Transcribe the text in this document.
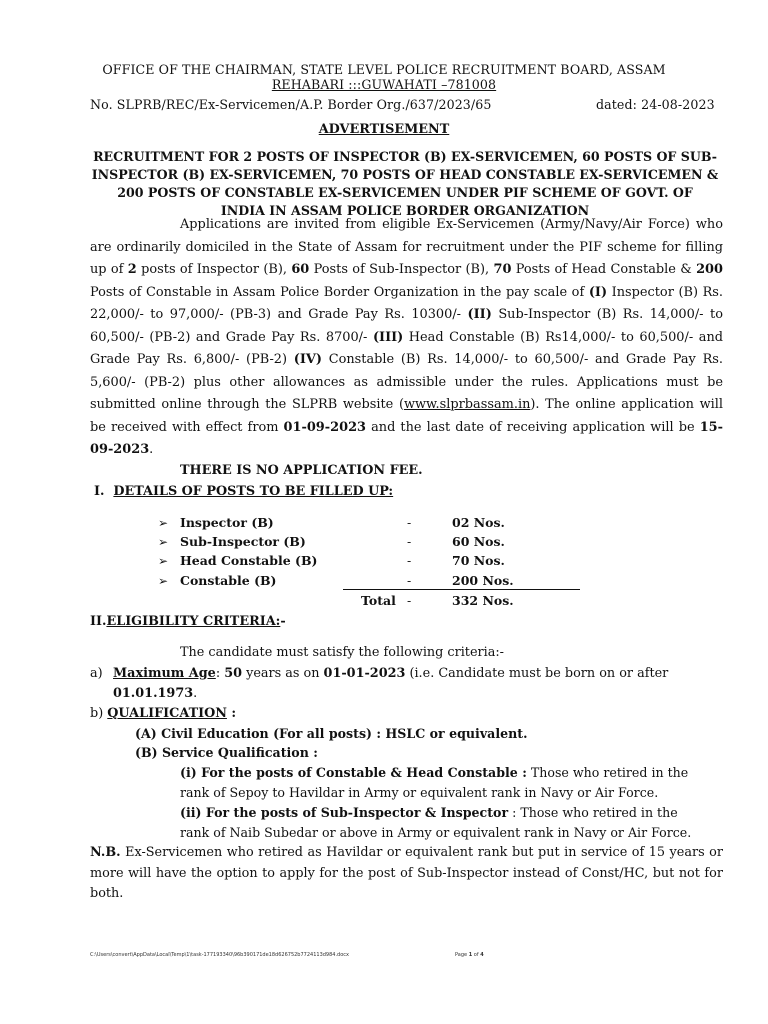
OFFICE OF THE CHAIRMAN, STATE LEVEL POLICE RECRUITMENT BOARD, ASSAM
REHABARI :::GUWAHATI –781008
No. SLPRB/REC/Ex-Servicemen/A.P. Border Org./637/2023/65	dated: 24-08-2023
ADVERTISEMENT
RECRUITMENT FOR 2 POSTS OF INSPECTOR (B) EX-SERVICEMEN, 60 POSTS OF SUB-
INSPECTOR (B) EX-SERVICEMEN, 70 POSTS OF HEAD CONSTABLE EX-SERVICEMEN &
200 POSTS OF CONSTABLE EX-SERVICEMEN UNDER PIF SCHEME OF GOVT. OF
INDIA IN ASSAM POLICE BORDER ORGANIZATION

Applications are invited from eligible Ex-Servicemen (Army/Navy/Air Force) who are ordinarily domiciled in the State of Assam for recruitment under the PIF scheme for filling up of 2 posts of Inspector (B), 60 Posts of Sub-Inspector (B), 70 Posts of Head Constable & 200 Posts of Constable in Assam Police Border Organization in the pay scale of (I) Inspector (B) Rs. 22,000/- to 97,000/- (PB-3) and Grade Pay Rs. 10300/- (II) Sub-Inspector (B) Rs. 14,000/- to 60,500/- (PB-2) and Grade Pay Rs. 8700/- (III) Head Constable (B) Rs14,000/- to 60,500/- and Grade Pay Rs. 6,800/- (PB-2) (IV) Constable (B) Rs. 14,000/- to 60,500/- and Grade Pay Rs. 5,600/- (PB-2) plus other allowances as admissible under the rules. Applications must be submitted online through the SLPRB website (www.slprbassam.in). The online application will be received with effect from 01-09-2023 and the last date of receiving application will be 15-09-2023.

THERE IS NO APPLICATION FEE.
I. DETAILS OF POSTS TO BE FILLED UP:
➢ Inspector (B)	-	02 Nos.
➢ Sub-Inspector (B)	-	60 Nos.
➢ Head Constable (B)	-	70 Nos.
➢ Constable (B)	-	200 Nos.
Total -	332 Nos.
II.ELIGIBILITY CRITERIA:-
The candidate must satisfy the following criteria:-
a) Maximum Age: 50 years as on 01-01-2023 (i.e. Candidate must be born on or after
01.01.1973.
b) QUALIFICATION :
(A) Civil Education (For all posts) : HSLC or equivalent.
(B) Service Qualification :
(i) For the posts of Constable & Head Constable : Those who retired in the
rank of Sepoy to Havildar in Army or equivalent rank in Navy or Air Force.
(ii) For the posts of Sub-Inspector & Inspector : Those who retired in the
rank of Naib Subedar or above in Army or equivalent rank in Navy or Air Force.
N.B. Ex-Servicemen who retired as Havildar or equivalent rank but put in service of 15 years or more will have the option to apply for the post of Sub-Inspector instead of Const/HC, but not for both.
C:\Users\convert\AppData\Local\Temp\1\task-177193340\96b390171de18d626752b7724113d984.docx	Page 1 of 4
